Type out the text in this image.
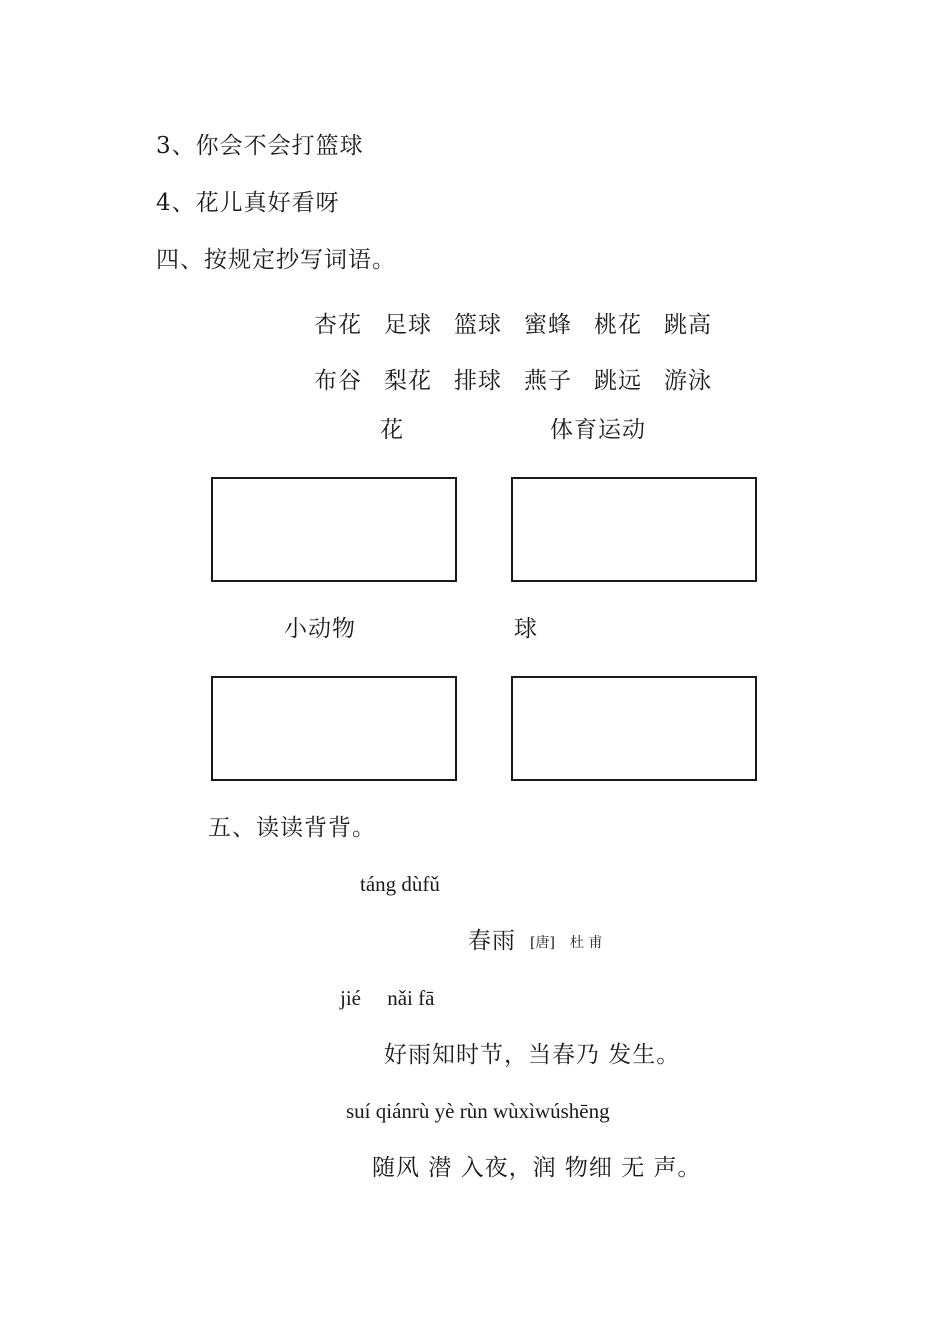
3、你会不会打篮球
4、花儿真好看呀
四、按规定抄写词语。
杏花 足球 篮球 蜜蜂 桃花 跳高
布谷 梨花 排球 燕子 跳远 游泳
花	体育运动
小动物	球
五、读读背背。
táng dùfǔ
春雨 [唐] 杜 甫
jié     nǎi fā
好雨知时节，当春乃 发生。
suí qiánrù yè rùn wùxìwúshēng
随风 潜 入夜，润 物细 无 声。
